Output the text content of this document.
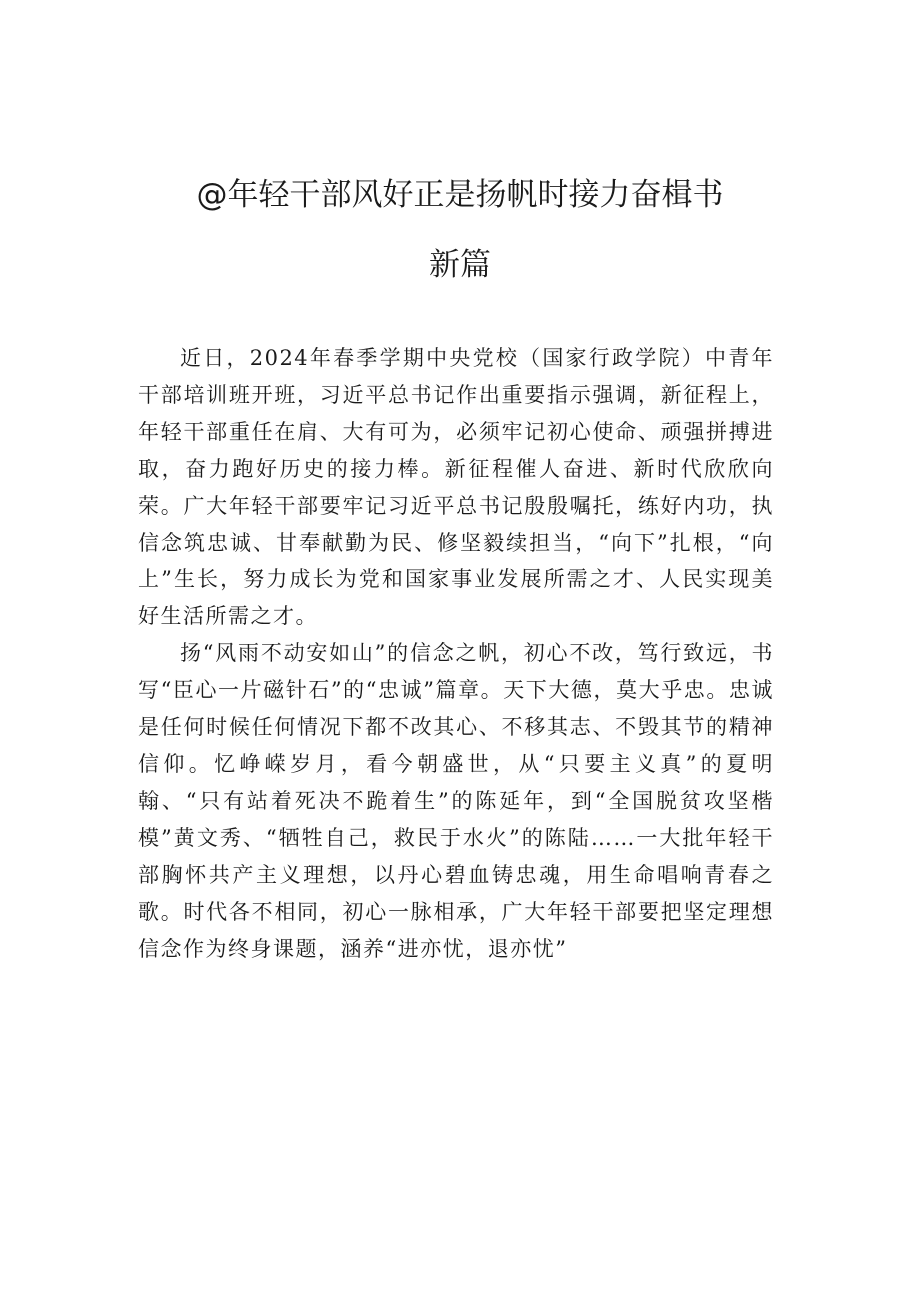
@年轻干部风好正是扬帆时接力奋楫书
新篇

近日，2024年春季学期中央党校（国家行政学院）中青年干部培训班开班，习近平总书记作出重要指示强调，新征程上，年轻干部重任在肩、大有可为，必须牢记初心使命、顽强拼搏进取，奋力跑好历史的接力棒。新征程催人奋进、新时代欣欣向荣。广大年轻干部要牢记习近平总书记殷殷嘱托，练好内功，执信念筑忠诚、甘奉献勤为民、修坚毅续担当，“向下”扎根，“向上”生长，努力成长为党和国家事业发展所需之才、人民实现美好生活所需之才。

扬“风雨不动安如山”的信念之帆，初心不改，笃行致远，书写“臣心一片磁针石”的“忠诚”篇章。天下大德，莫大乎忠。忠诚是任何时候任何情况下都不改其心、不移其志、不毁其节的精神信仰。忆峥嵘岁月，看今朝盛世，从“只要主义真”的夏明翰、“只有站着死决不跪着生”的陈延年，到“全国脱贫攻坚楷模”黄文秀、“牺牲自己，救民于水火”的陈陆……一大批年轻干部胸怀共产主义理想，以丹心碧血铸忠魂，用生命唱响青春之歌。时代各不相同，初心一脉相承，广大年轻干部要把坚定理想信念作为终身课题，涵养“进亦忧，退亦忧”
